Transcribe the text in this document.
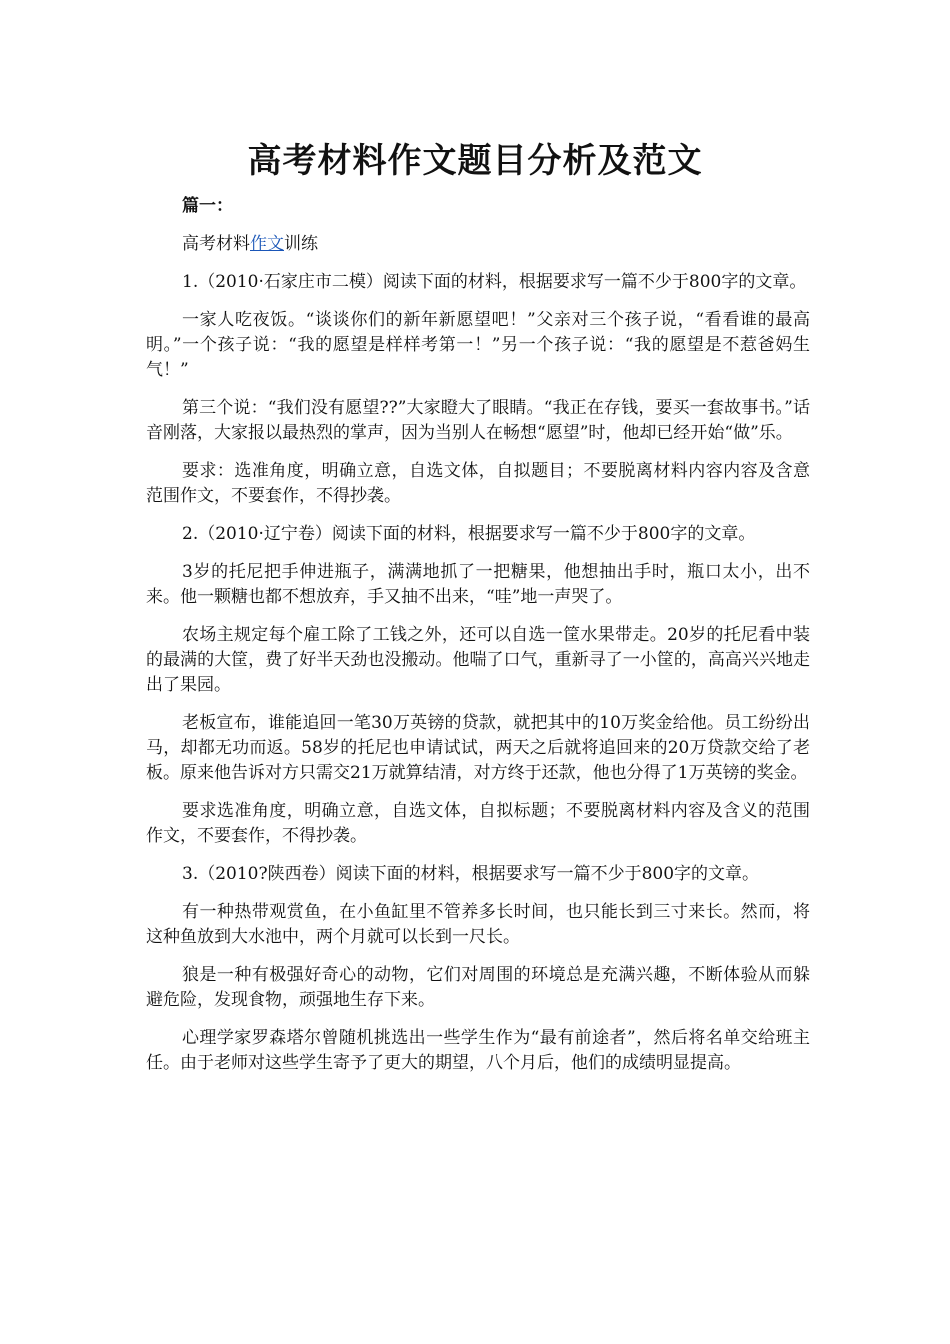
高考材料作文题目分析及范文

篇一：

高考材料作文训练

1.（2010·石家庄市二模）阅读下面的材料，根据要求写一篇不少于800字的文章。

一家人吃夜饭。“谈谈你们的新年新愿望吧！”父亲对三个孩子说，“看看谁的最高明。”一个孩子说：“我的愿望是样样考第一！”另一个孩子说：“我的愿望是不惹爸妈生气！”

第三个说：“我们没有愿望??”大家瞪大了眼睛。“我正在存钱，要买一套故事书。”话音刚落，大家报以最热烈的掌声，因为当别人在畅想“愿望”时，他却已经开始“做”乐。

要求：选准角度，明确立意，自选文体，自拟题目；不要脱离材料内容内容及含意范围作文，不要套作，不得抄袭。

2.（2010·辽宁卷）阅读下面的材料，根据要求写一篇不少于800字的文章。

3岁的托尼把手伸进瓶子，满满地抓了一把糖果，他想抽出手时，瓶口太小，出不来。他一颗糖也都不想放弃，手又抽不出来，“哇”地一声哭了。

农场主规定每个雇工除了工钱之外，还可以自选一筐水果带走。20岁的托尼看中装的最满的大筐，费了好半天劲也没搬动。他喘了口气，重新寻了一小筐的，高高兴兴地走出了果园。

老板宣布，谁能追回一笔30万英镑的贷款，就把其中的10万奖金给他。员工纷纷出马，却都无功而返。58岁的托尼也申请试试，两天之后就将追回来的20万贷款交给了老板。原来他告诉对方只需交21万就算结清，对方终于还款，他也分得了1万英镑的奖金。

要求选准角度，明确立意，自选文体，自拟标题；不要脱离材料内容及含义的范围作文，不要套作，不得抄袭。

3.（2010?陕西卷）阅读下面的材料，根据要求写一篇不少于800字的文章。

有一种热带观赏鱼，在小鱼缸里不管养多长时间，也只能长到三寸来长。然而，将这种鱼放到大水池中，两个月就可以长到一尺长。

狼是一种有极强好奇心的动物，它们对周围的环境总是充满兴趣，不断体验从而躲避危险，发现食物，顽强地生存下来。

心理学家罗森塔尔曾随机挑选出一些学生作为“最有前途者”，然后将名单交给班主任。由于老师对这些学生寄予了更大的期望，八个月后，他们的成绩明显提高。
